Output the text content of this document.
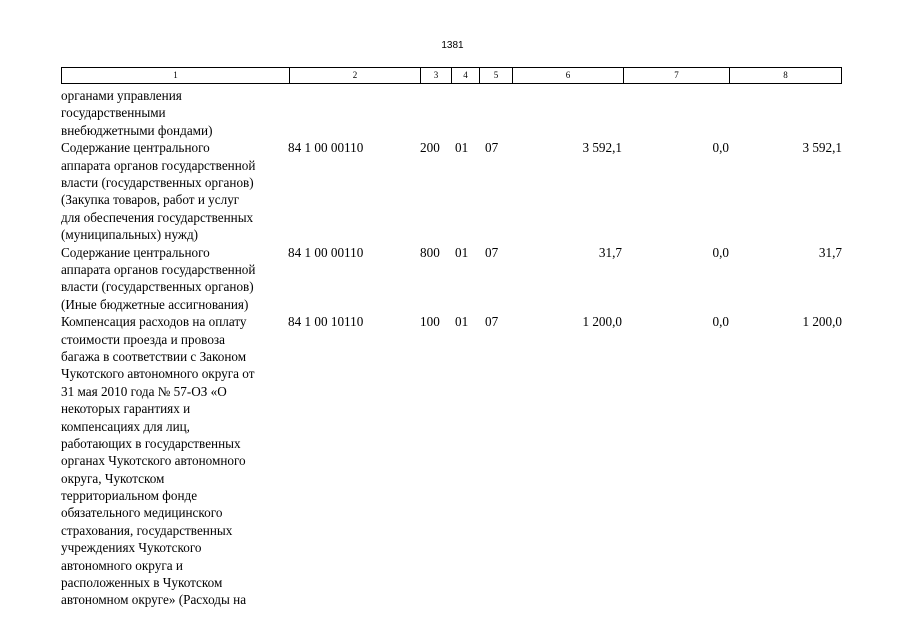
1381
1	2	3	4	5	6	7	8
органами управления
государственными
внебюджетными фондами)
Содержание центрального
аппарата органов государственной
власти (государственных органов)
(Закупка товаров, работ и услуг
для обеспечения государственных
(муниципальных) нужд)
84 1 00 00110	200 01 07	3 592,1	0,0	3 592,1
Содержание центрального
аппарата органов государственной
власти (государственных органов)
(Иные бюджетные ассигнования)
84 1 00 00110	800 01 07	31,7	0,0	31,7
Компенсация расходов на оплату
стоимости проезда и провоза
багажа в соответствии с Законом
Чукотского автономного округа от
31 мая 2010 года № 57-ОЗ «О
некоторых гарантиях и
компенсациях для лиц,
работающих в государственных
органах Чукотского автономного
округа, Чукотском
территориальном фонде
обязательного медицинского
страхования, государственных
учреждениях Чукотского
автономного округа и
расположенных в Чукотском
автономном округе» (Расходы на
84 1 00 10110	100 01 07	1 200,0	0,0	1 200,0
